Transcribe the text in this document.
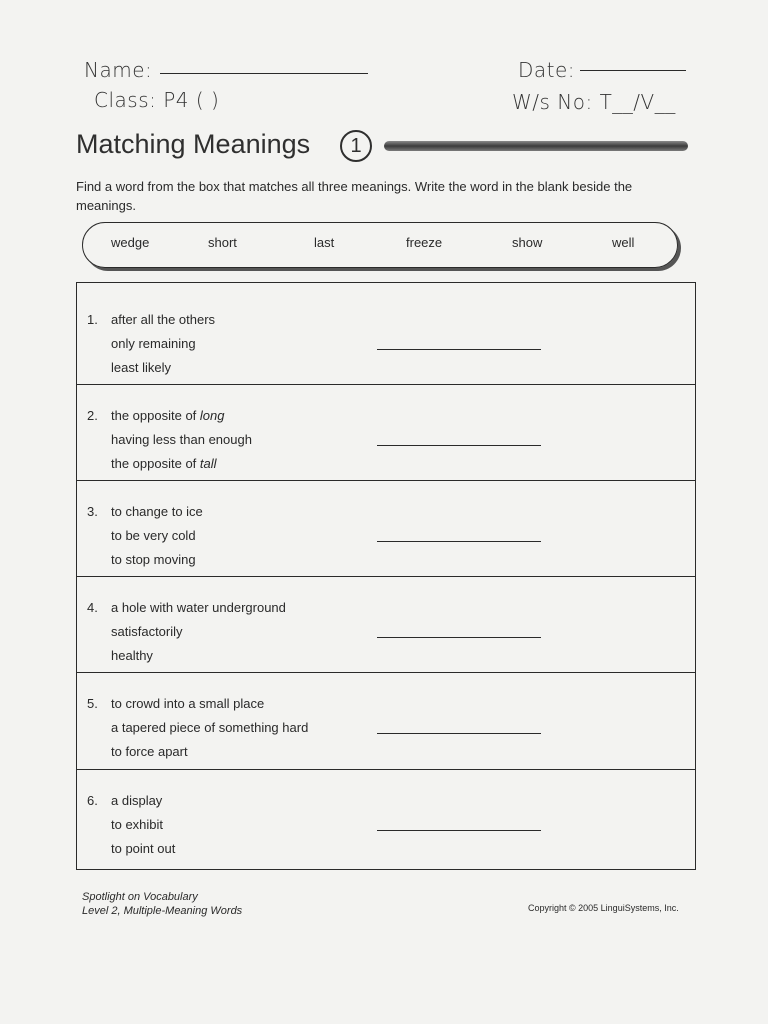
Name:	Date:
Class: P4 ( )	W/s No: T__/V__
Matching Meanings	1
Find a word from the box that matches all three meanings. Write the word in the blank beside the meanings.
wedge	short	last	freeze	show	well
1. after all the others
only remaining
least likely
2. the opposite of long
having less than enough
the opposite of tall
3. to change to ice
to be very cold
to stop moving
4. a hole with water underground
satisfactorily
healthy
5. to crowd into a small place
a tapered piece of something hard
to force apart
6. a display
to exhibit
to point out
Spotlight on Vocabulary
Level 2, Multiple-Meaning Words	Copyright © 2005 LinguiSystems, Inc.
